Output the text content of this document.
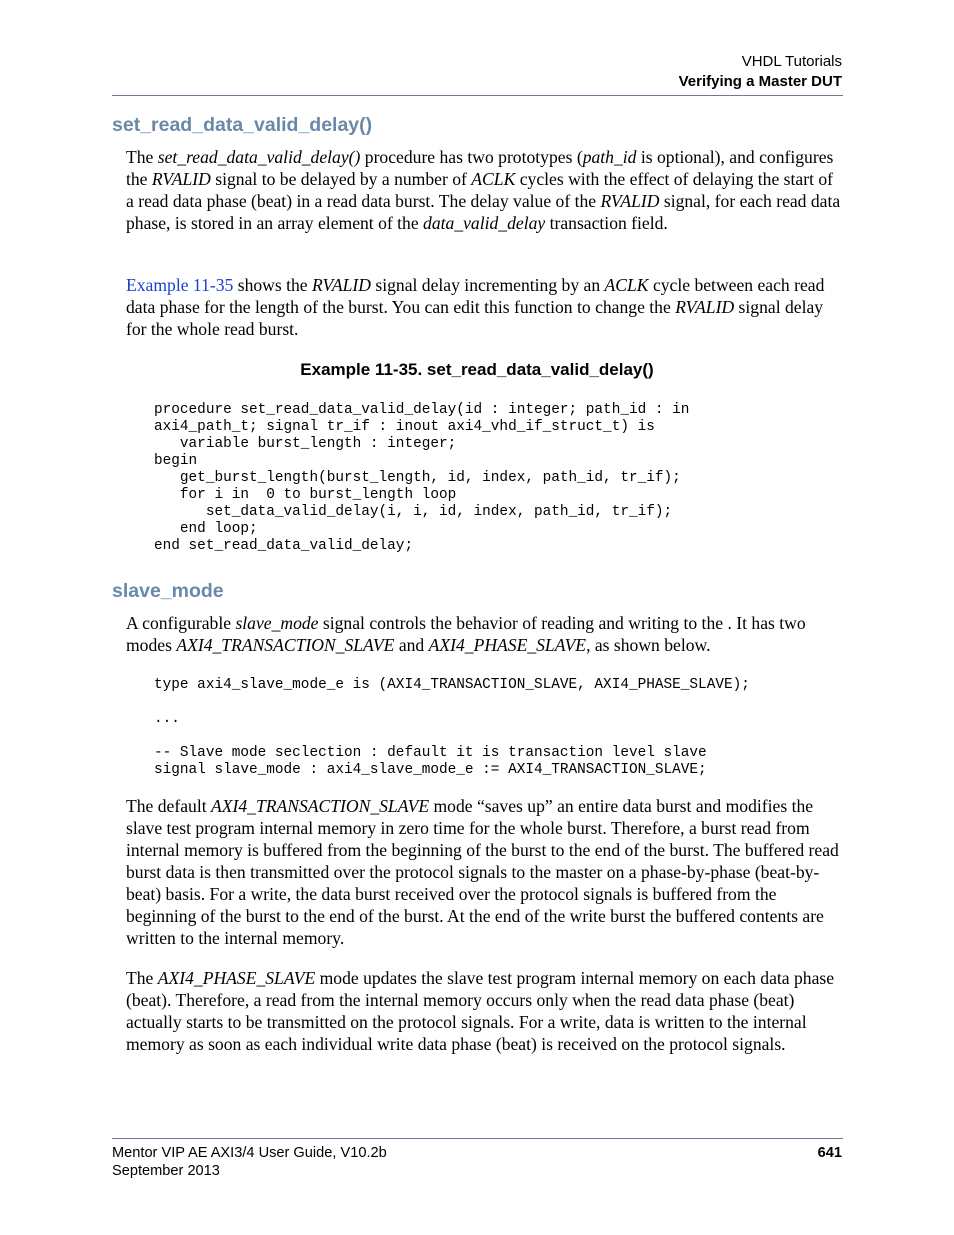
VHDL Tutorials
Verifying a Master DUT
set_read_data_valid_delay()

The set_read_data_valid_delay() procedure has two prototypes (path_id is optional), and configures the RVALID signal to be delayed by a number of ACLK cycles with the effect of delaying the start of a read data phase (beat) in a read data burst. The delay value of the RVALID signal, for each read data phase, is stored in an array element of the data_valid_delay transaction field.

Example 11-35 shows the RVALID signal delay incrementing by an ACLK cycle between each read data phase for the length of the burst. You can edit this function to change the RVALID signal delay for the whole read burst.

Example 11-35. set_read_data_valid_delay()

procedure set_read_data_valid_delay(id : integer; path_id : in
axi4_path_t; signal tr_if : inout axi4_vhd_if_struct_t) is
variable burst_length : integer;
begin
get_burst_length(burst_length, id, index, path_id, tr_if);
for i in  0 to burst_length loop
set_data_valid_delay(i, i, id, index, path_id, tr_if);
end loop;
end set_read_data_valid_delay;
slave_mode

A configurable slave_mode signal controls the behavior of reading and writing to the . It has two modes AXI4_TRANSACTION_SLAVE and AXI4_PHASE_SLAVE, as shown below.

type axi4_slave_mode_e is (AXI4_TRANSACTION_SLAVE, AXI4_PHASE_SLAVE);

...

-- Slave mode seclection : default it is transaction level slave
signal slave_mode : axi4_slave_mode_e := AXI4_TRANSACTION_SLAVE;

The default AXI4_TRANSACTION_SLAVE mode “saves up” an entire data burst and modifies the slave test program internal memory in zero time for the whole burst. Therefore, a burst read from internal memory is buffered from the beginning of the burst to the end of the burst. The buffered read burst data is then transmitted over the protocol signals to the master on a phase-by-phase (beat-by-beat) basis. For a write, the data burst received over the protocol signals is buffered from the beginning of the burst to the end of the burst. At the end of the write burst the buffered contents are written to the internal memory.

The AXI4_PHASE_SLAVE mode updates the slave test program internal memory on each data phase (beat). Therefore, a read from the internal memory occurs only when the read data phase (beat) actually starts to be transmitted on the protocol signals. For a write, data is written to the internal memory as soon as each individual write data phase (beat) is received on the protocol signals.

Mentor VIP AE AXI3/4 User Guide, V10.2b
September 2013
641
